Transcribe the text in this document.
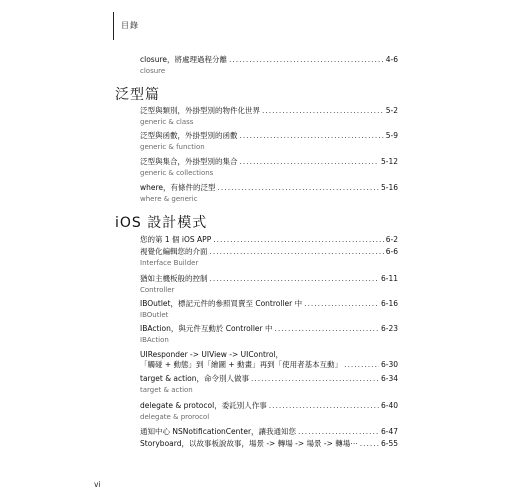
目錄
closure，將處理過程分離 .....	4-6
closure
泛型篇
泛型與類別，外掛型別的物件化世界 .....	5-2
generic & class
泛型與函數，外掛型別的函數 .....	5-9
generic & function
泛型與集合，外掛型別的集合 .....	5-12
generic & collections
where，有條件的泛型 .....	5-16
where & generic
iOS 設計模式
您的第 1 個 iOS APP .....	6-2
視覺化編輯您的介面 .....	6-6
Interface Builder
猶如主機板般的控制 .....	6-11
Controller
IBOutlet，標記元件的參照買賣至 Controller 中 .....	6-16
IBOutlet
IBAction，與元件互動於 Controller 中 .....	6-23
IBAction
UIResponder -> UIView -> UIControl，
「觸碰 + 動態」到「繪圖 + 動畫」再到「使用者基本互動」 .....	6-30
target & action，命令別人做事 .....	6-34
target & action
delegate & protocol，委託別人作事 .....	6-40
delegate & prorocol
通知中心 NSNotificationCenter，讓我通知您 .....	6-47
Storyboard，以故事板說故事，場景 -> 轉場 -> 場景 -> 轉場⋯ .....	6-55
vi
